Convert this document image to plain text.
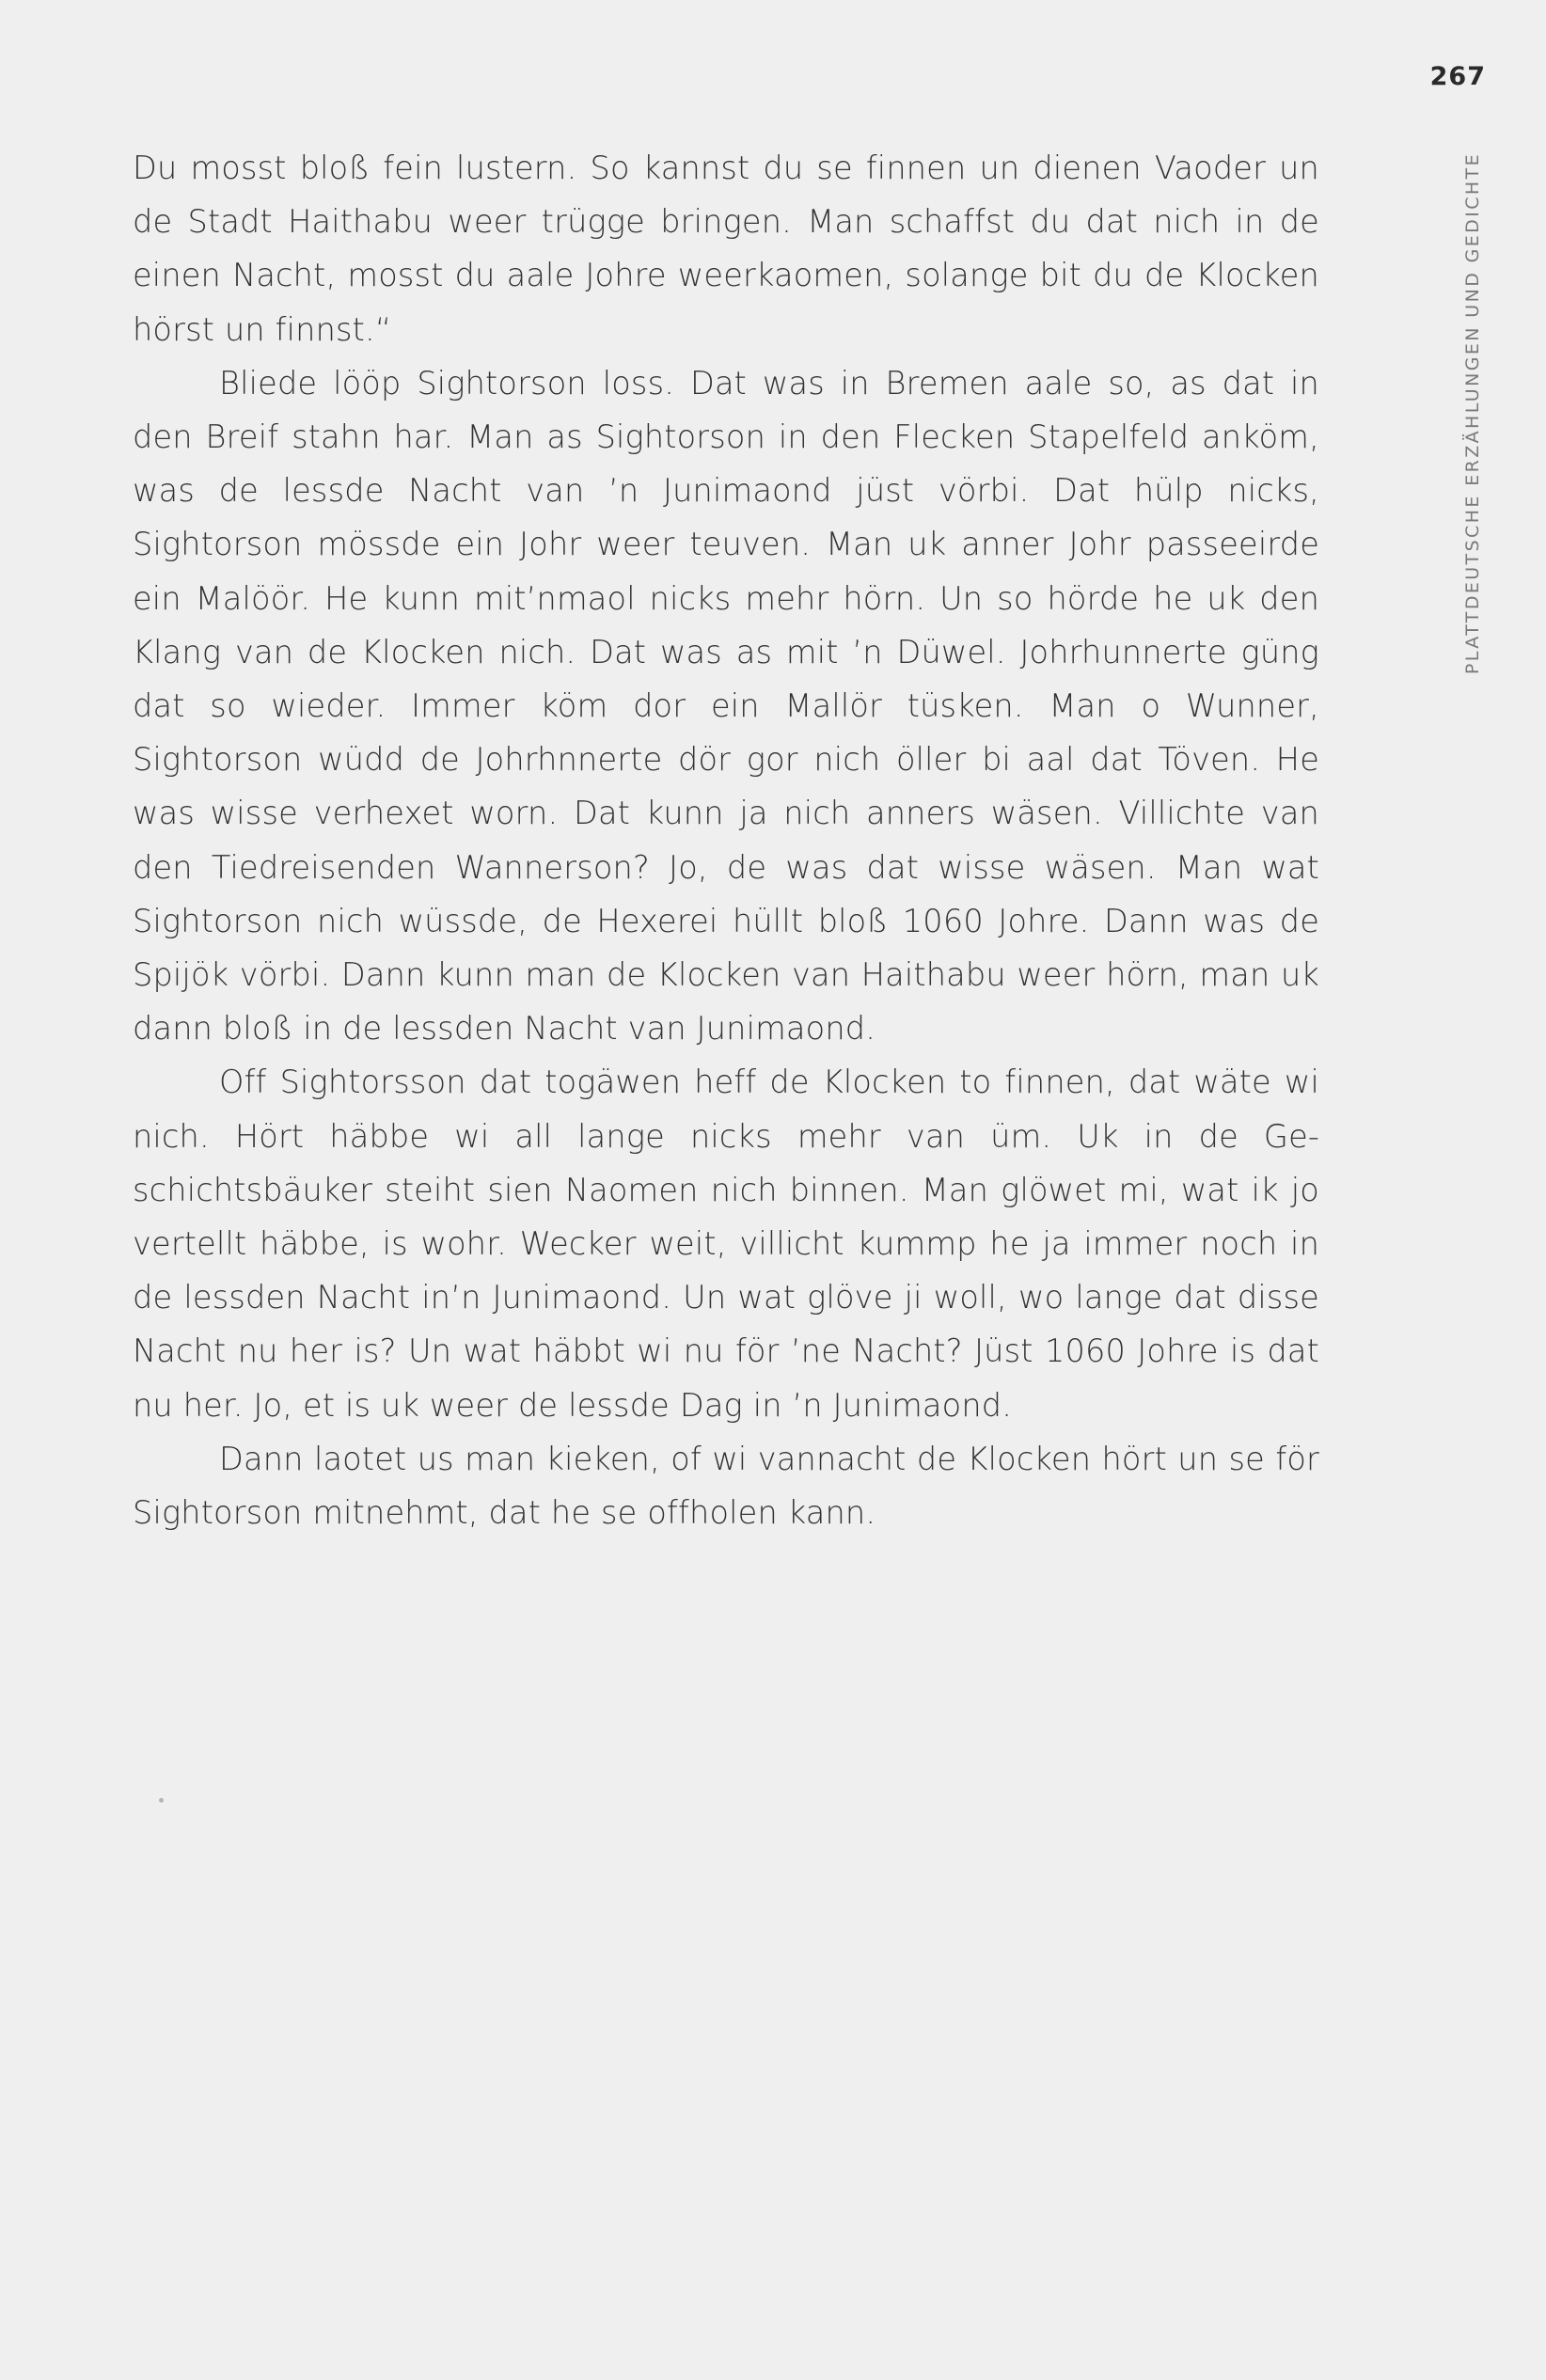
267
PLATTDEUTSCHE ERZÄHLUNGEN UND GEDICHTE

Du mosst bloß fein lustern. So kannst du se finnen un dienen Vaoder un de Stadt Haithabu weer trügge bringen. Man schaffst du dat nich in de einen Nacht, mosst du aale Johre weerkaomen, solange bit du de Klocken hörst un finnst.“

Bliede lööp Sightorson loss. Dat was in Bremen aale so, as dat in den Breif stahn har. Man as Sightorson in den Flecken Stapelfeld anköm, was de lessde Nacht van ’n Junimaond jüst vörbi. Dat hülp nicks, Sightorson mössde ein Johr weer teuven. Man uk anner Johr passeeirde ein Malöör. He kunn mit’nmaol nicks mehr hörn. Un so hörde he uk den Klang van de Klocken nich. Dat was as mit ’n Düwel. Johrhunnerte güng dat so wieder. Immer köm dor ein Mallör tüsken. Man o Wunner, Sightorson wüdd de Johrhnnerte dör gor nich öller bi aal dat Töven. He was wisse verhexet worn. Dat kunn ja nich anners wäsen. Villichte van den Tiedreisenden Wannerson? Jo, de was dat wisse wäsen. Man wat Sightorson nich wüssde, de Hexerei hüllt bloß 1060 Johre. Dann was de Spijök vörbi. Dann kunn man de Klocken van Haithabu weer hörn, man uk dann bloß in de lessden Nacht van Junimaond.

Off Sightorsson dat togäwen heff de Klocken to finnen, dat wäte wi nich. Hört häbbe wi all lange nicks mehr van üm. Uk in de Geschichtsbäuker steiht sien Naomen nich binnen. Man glöwet mi, wat ik jo vertellt häbbe, is wohr. Wecker weit, villicht kummp he ja immer noch in de lessden Nacht in’n Junimaond. Un wat glöve ji woll, wo lange dat disse Nacht nu her is? Un wat häbbt wi nu för ’ne Nacht? Jüst 1060 Johre is dat nu her. Jo, et is uk weer de lessde Dag in ’n Junimaond.

Dann laotet us man kieken, of wi vannacht de Klocken hört un se för Sightorson mitnehmt, dat he se offholen kann.
